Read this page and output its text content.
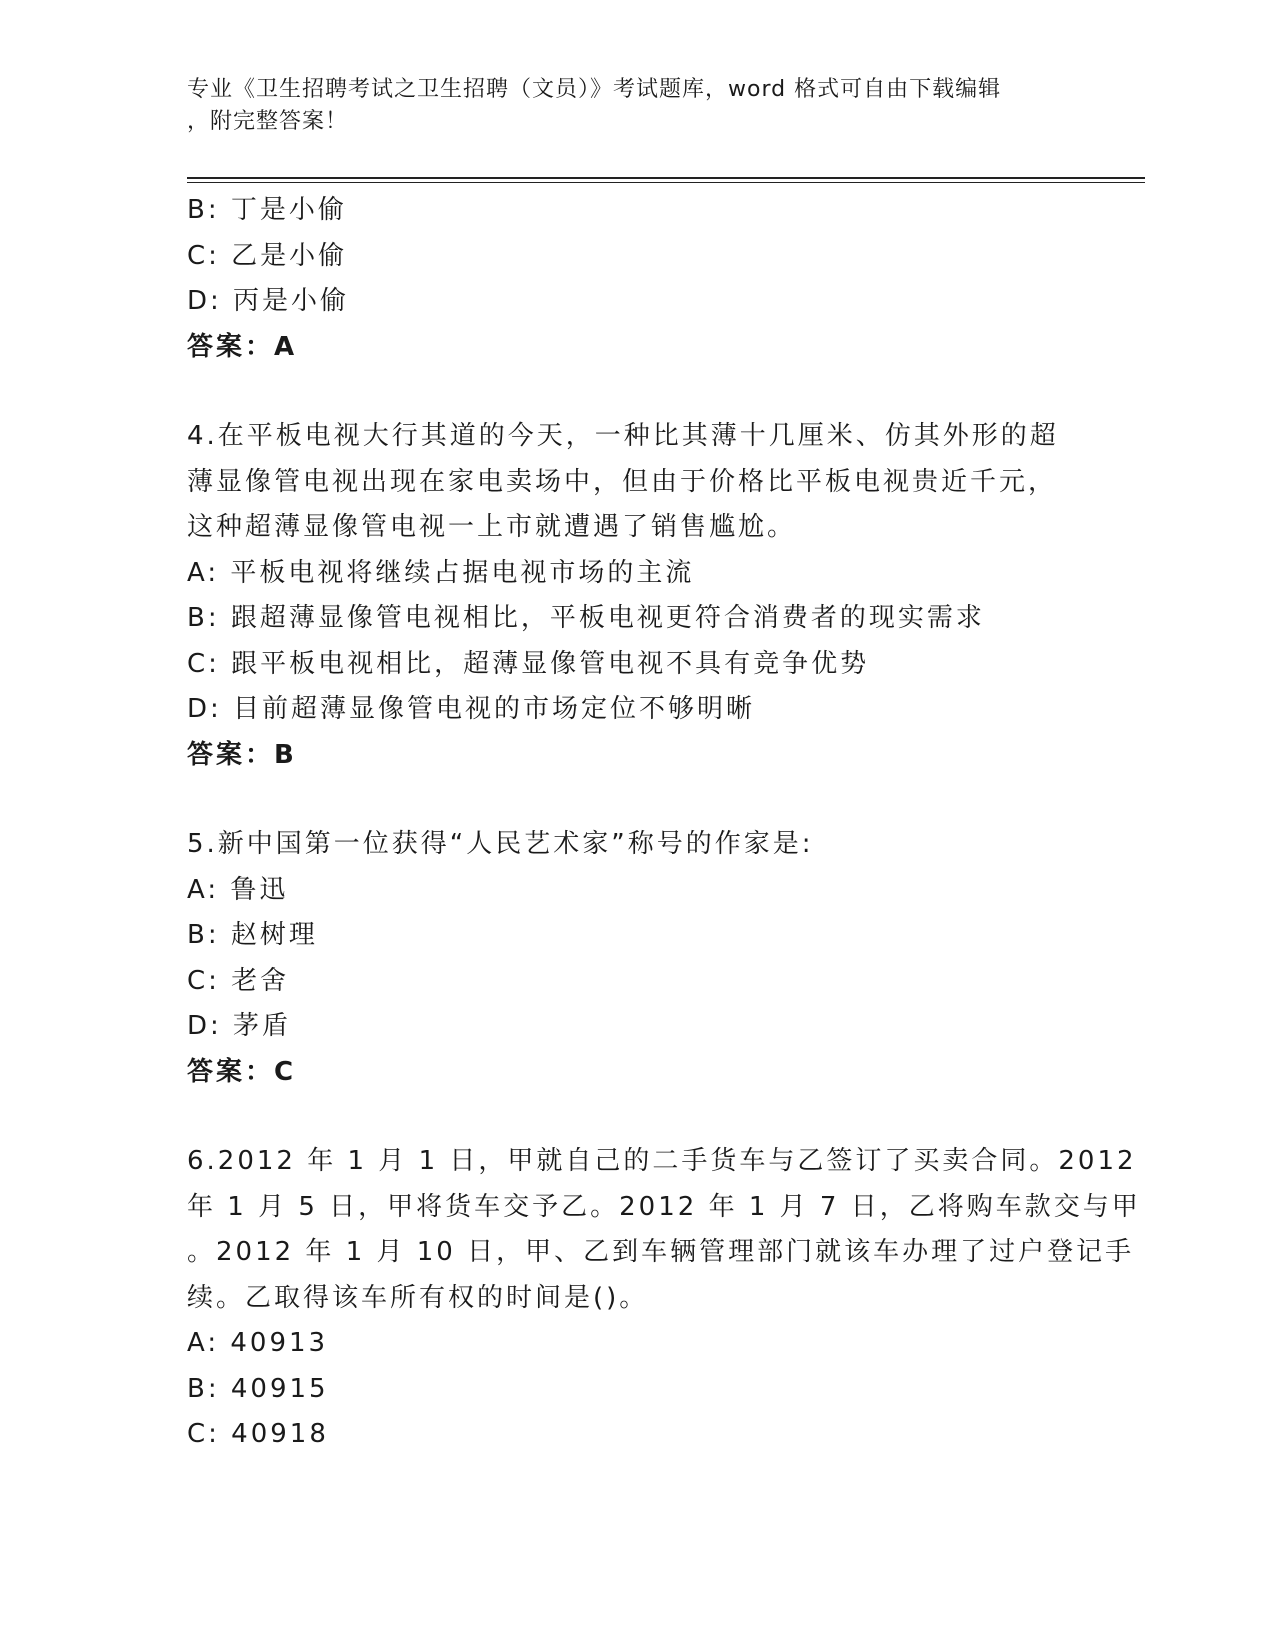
专业《卫生招聘考试之卫生招聘（文员）》考试题库，word 格式可自由下载编辑
，附完整答案！
B: 丁是小偷
C: 乙是小偷
D: 丙是小偷
答案：A
4.在平板电视大行其道的今天，一种比其薄十几厘米、仿其外形的超
薄显像管电视出现在家电卖场中，但由于价格比平板电视贵近千元，
这种超薄显像管电视一上市就遭遇了销售尴尬。
A: 平板电视将继续占据电视市场的主流
B: 跟超薄显像管电视相比，平板电视更符合消费者的现实需求
C: 跟平板电视相比，超薄显像管电视不具有竞争优势
D: 目前超薄显像管电视的市场定位不够明晰
答案：B
5.新中国第一位获得“人民艺术家”称号的作家是:
A: 鲁迅
B: 赵树理
C: 老舍
D: 茅盾
答案：C
6.2012 年 1 月 1 日，甲就自己的二手货车与乙签订了买卖合同。2012
年 1 月 5 日，甲将货车交予乙。2012 年 1 月 7 日，乙将购车款交与甲
。2012 年 1 月 10 日，甲、乙到车辆管理部门就该车办理了过户登记手
续。乙取得该车所有权的时间是()。
A: 40913
B: 40915
C: 40918
